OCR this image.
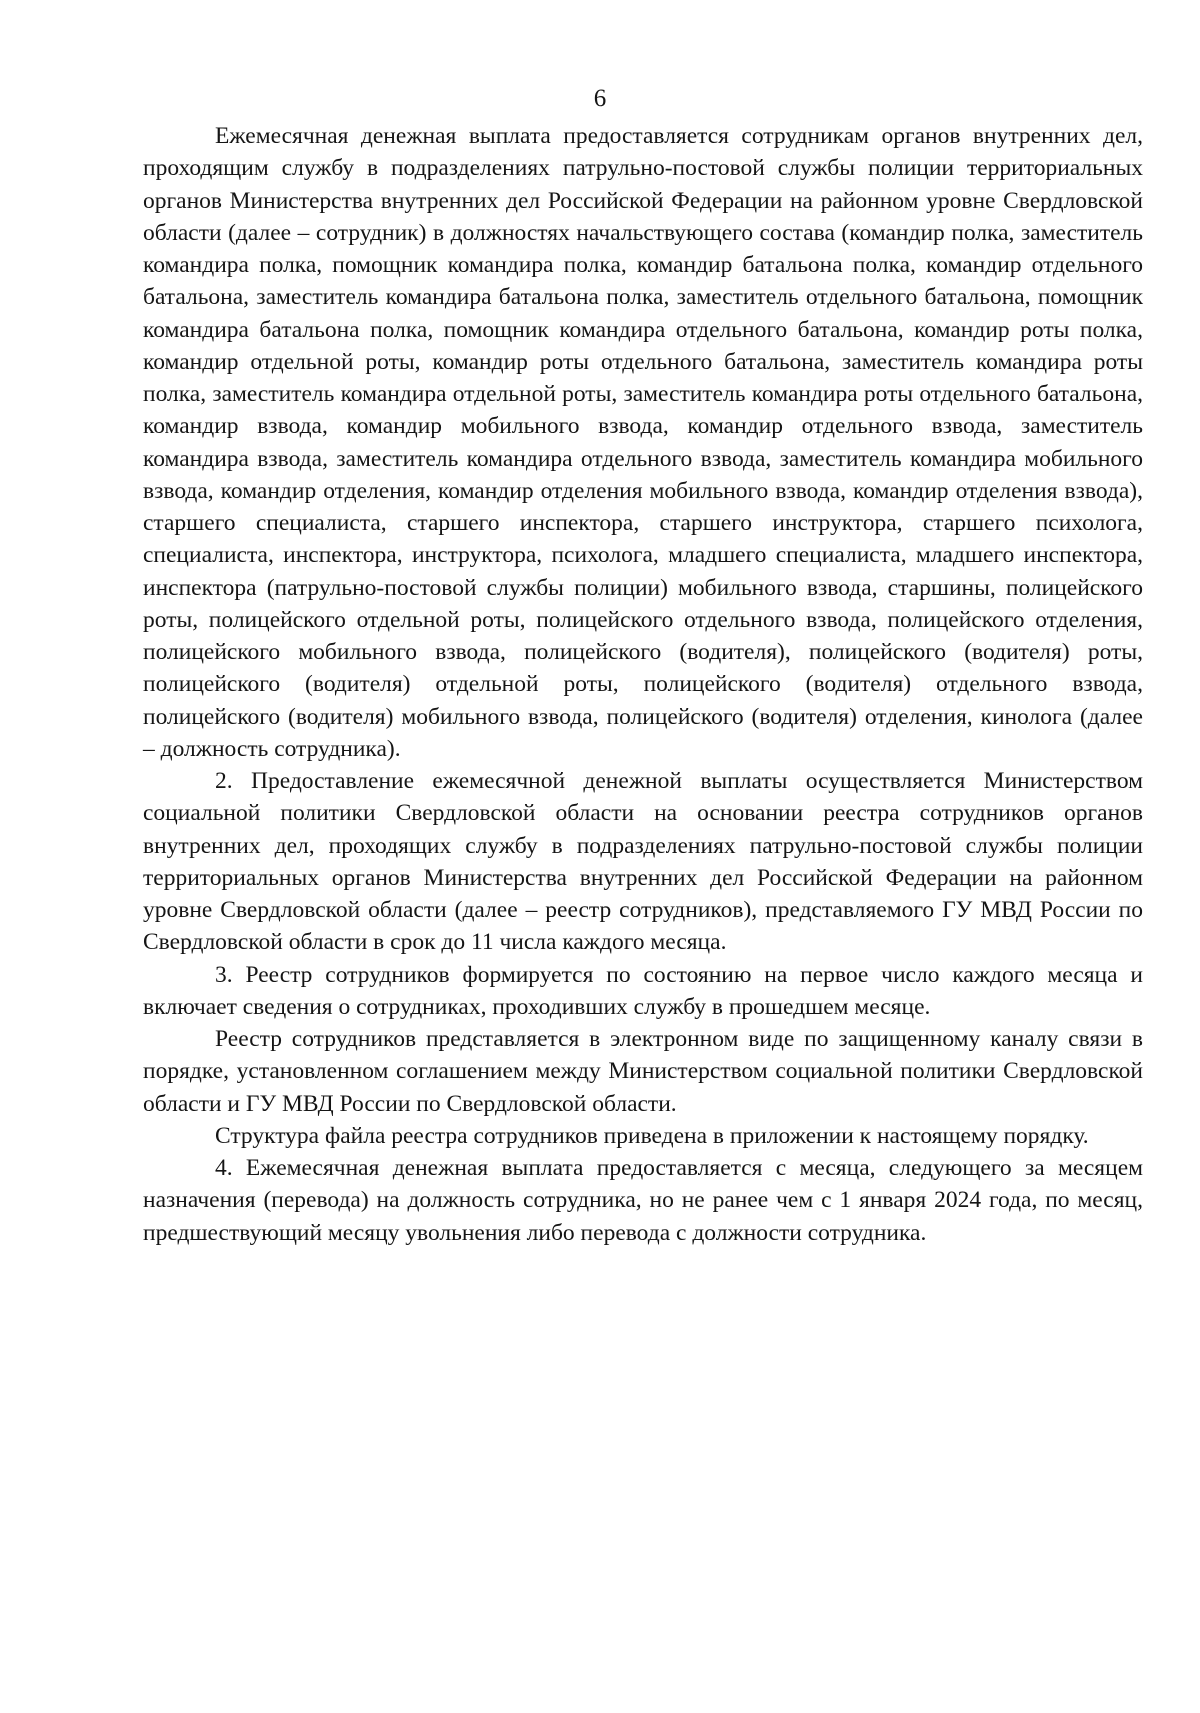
6

Ежемесячная денежная выплата предоставляется сотрудникам органов внутренних дел, проходящим службу в подразделениях патрульно-постовой службы полиции территориальных органов Министерства внутренних дел Российской Федерации на районном уровне Свердловской области (далее – сотрудник) в должностях начальствующего состава (командир полка, заместитель командира полка, помощник командира полка, командир батальона полка, командир отдельного батальона, заместитель командира батальона полка, заместитель отдельного батальона, помощник командира батальона полка, помощник командира отдельного батальона, командир роты полка, командир отдельной роты, командир роты отдельного батальона, заместитель командира роты полка, заместитель командира отдельной роты, заместитель командира роты отдельного батальона, командир взвода, командир мобильного взвода, командир отдельного взвода, заместитель командира взвода, заместитель командира отдельного взвода, заместитель командира мобильного взвода, командир отделения, командир отделения мобильного взвода, командир отделения взвода), старшего специалиста, старшего инспектора, старшего инструктора, старшего психолога, специалиста, инспектора, инструктора, психолога, младшего специалиста, младшего инспектора, инспектора (патрульно-постовой службы полиции) мобильного взвода, старшины, полицейского роты, полицейского отдельной роты, полицейского отдельного взвода, полицейского отделения, полицейского мобильного взвода, полицейского (водителя), полицейского (водителя) роты, полицейского (водителя) отдельной роты, полицейского (водителя) отдельного взвода, полицейского (водителя) мобильного взвода, полицейского (водителя) отделения, кинолога (далее – должность сотрудника).

2. Предоставление ежемесячной денежной выплаты осуществляется Министерством социальной политики Свердловской области на основании реестра сотрудников органов внутренних дел, проходящих службу в подразделениях патрульно-постовой службы полиции территориальных органов Министерства внутренних дел Российской Федерации на районном уровне Свердловской области (далее – реестр сотрудников), представляемого ГУ МВД России по Свердловской области в срок до 11 числа каждого месяца.

3. Реестр сотрудников формируется по состоянию на первое число каждого месяца и включает сведения о сотрудниках, проходивших службу в прошедшем месяце.

Реестр сотрудников представляется в электронном виде по защищенному каналу связи в порядке, установленном соглашением между Министерством социальной политики Свердловской области и ГУ МВД России по Свердловской области.

Структура файла реестра сотрудников приведена в приложении к настоящему порядку.

4. Ежемесячная денежная выплата предоставляется с месяца, следующего за месяцем назначения (перевода) на должность сотрудника, но не ранее чем с 1 января 2024 года, по месяц, предшествующий месяцу увольнения либо перевода с должности сотрудника.
